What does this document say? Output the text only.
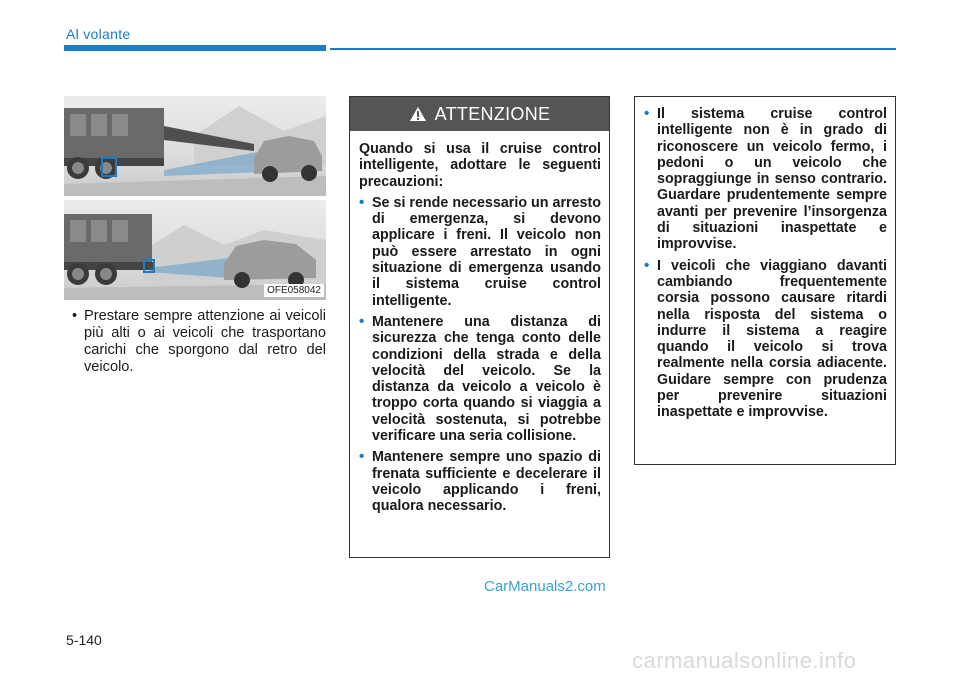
Al volante
OFE058042
• Prestare sempre attenzione ai veicoli più alti o ai veicoli che trasportano carichi che sporgono dal retro del veicolo.
ATTENZIONE

Quando si usa il cruise control intelligente, adottare le seguenti precauzioni:

• Se si rende necessario un arresto di emergenza, si devono applicare i freni. Il veicolo non può essere arrestato in ogni situazione di emergenza usando il sistema cruise control intelligente.
• Mantenere una distanza di sicurezza che tenga conto delle condizioni della strada e della velocità del veicolo. Se la distanza da veicolo a veicolo è troppo corta quando si viaggia a velocità sostenuta, si potrebbe verificare una seria collisione.
• Mantenere sempre uno spazio di frenata sufficiente e decelerare il veicolo applicando i freni, qualora necessario.
• Il sistema cruise control intelligente non è in grado di riconoscere un veicolo fermo, i pedoni o un veicolo che sopraggiunge in senso contrario. Guardare prudentemente sempre avanti per prevenire l’insorgenza di situazioni inaspettate e improvvise.
• I veicoli che viaggiano davanti cambiando frequentemente corsia possono causare ritardi nella risposta del sistema o indurre il sistema a reagire quando il veicolo si trova realmente nella corsia adiacente. Guidare sempre con prudenza per prevenire situazioni inaspettate e improvvise.
CarManuals2.com
5-140
carmanualsonline.info
